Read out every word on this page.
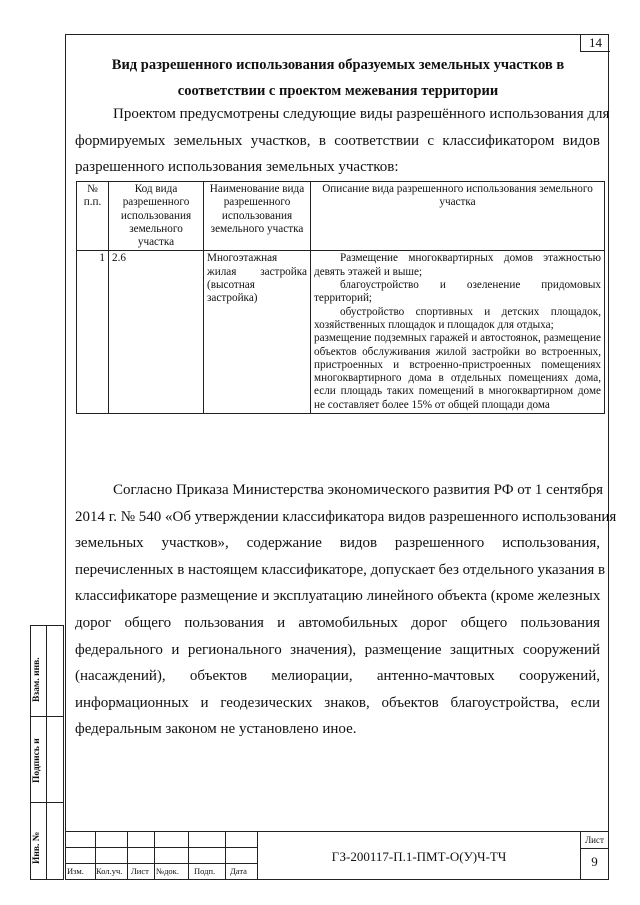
14
Вид разрешенного использования образуемых земельных участков в
соответствии с проектом межевания территории
Проектом предусмотрены следующие виды разрешённого использования для
формируемых земельных участков, в соответствии с классификатором видов
разрешенного использования земельных участков:
№ п.п.	Код вида разрешенного использования земельного участка	Наименование вида разрешенного использования земельного участка	Описание вида разрешенного использования земельного участка
1	2.6	Многоэтажная жилая застройка (высотная застройка)	Размещение многоквартирных домов этажностью девять этажей и выше;
благоустройство и озеленение придомовых территорий;
обустройство спортивных и детских площадок, хозяйственных площадок и площадок для отдыха;
размещение подземных гаражей и автостоянок, размещение объектов обслуживания жилой застройки во встроенных, пристроенных и встроенно-пристроенных помещениях многоквартирного дома в отдельных помещениях дома, если площадь таких помещений в многоквартирном доме не составляет более 15% от общей площади дома
Согласно Приказа Министерства экономического развития РФ от 1 сентября
2014 г. № 540 «Об утверждении классификатора видов разрешенного использования
земельных участков», содержание видов разрешенного использования,
перечисленных в настоящем классификаторе, допускает без отдельного указания в
классификаторе размещение и эксплуатацию линейного объекта (кроме железных
дорог общего пользования и автомобильных дорог общего пользования
федерального и регионального значения), размещение защитных сооружений
(насаждений), объектов мелиорации, антенно-мачтовых сооружений,
информационных и геодезических знаков, объектов благоустройства, если
федеральным законом не установлено иное.
Взам. инв.
Подпись и
Инв. №
Изм. Кол.уч. Лист №док. Подп. Дата
ГЗ-200117-П.1-ПМТ-О(У)Ч-ТЧ
Лист
9
